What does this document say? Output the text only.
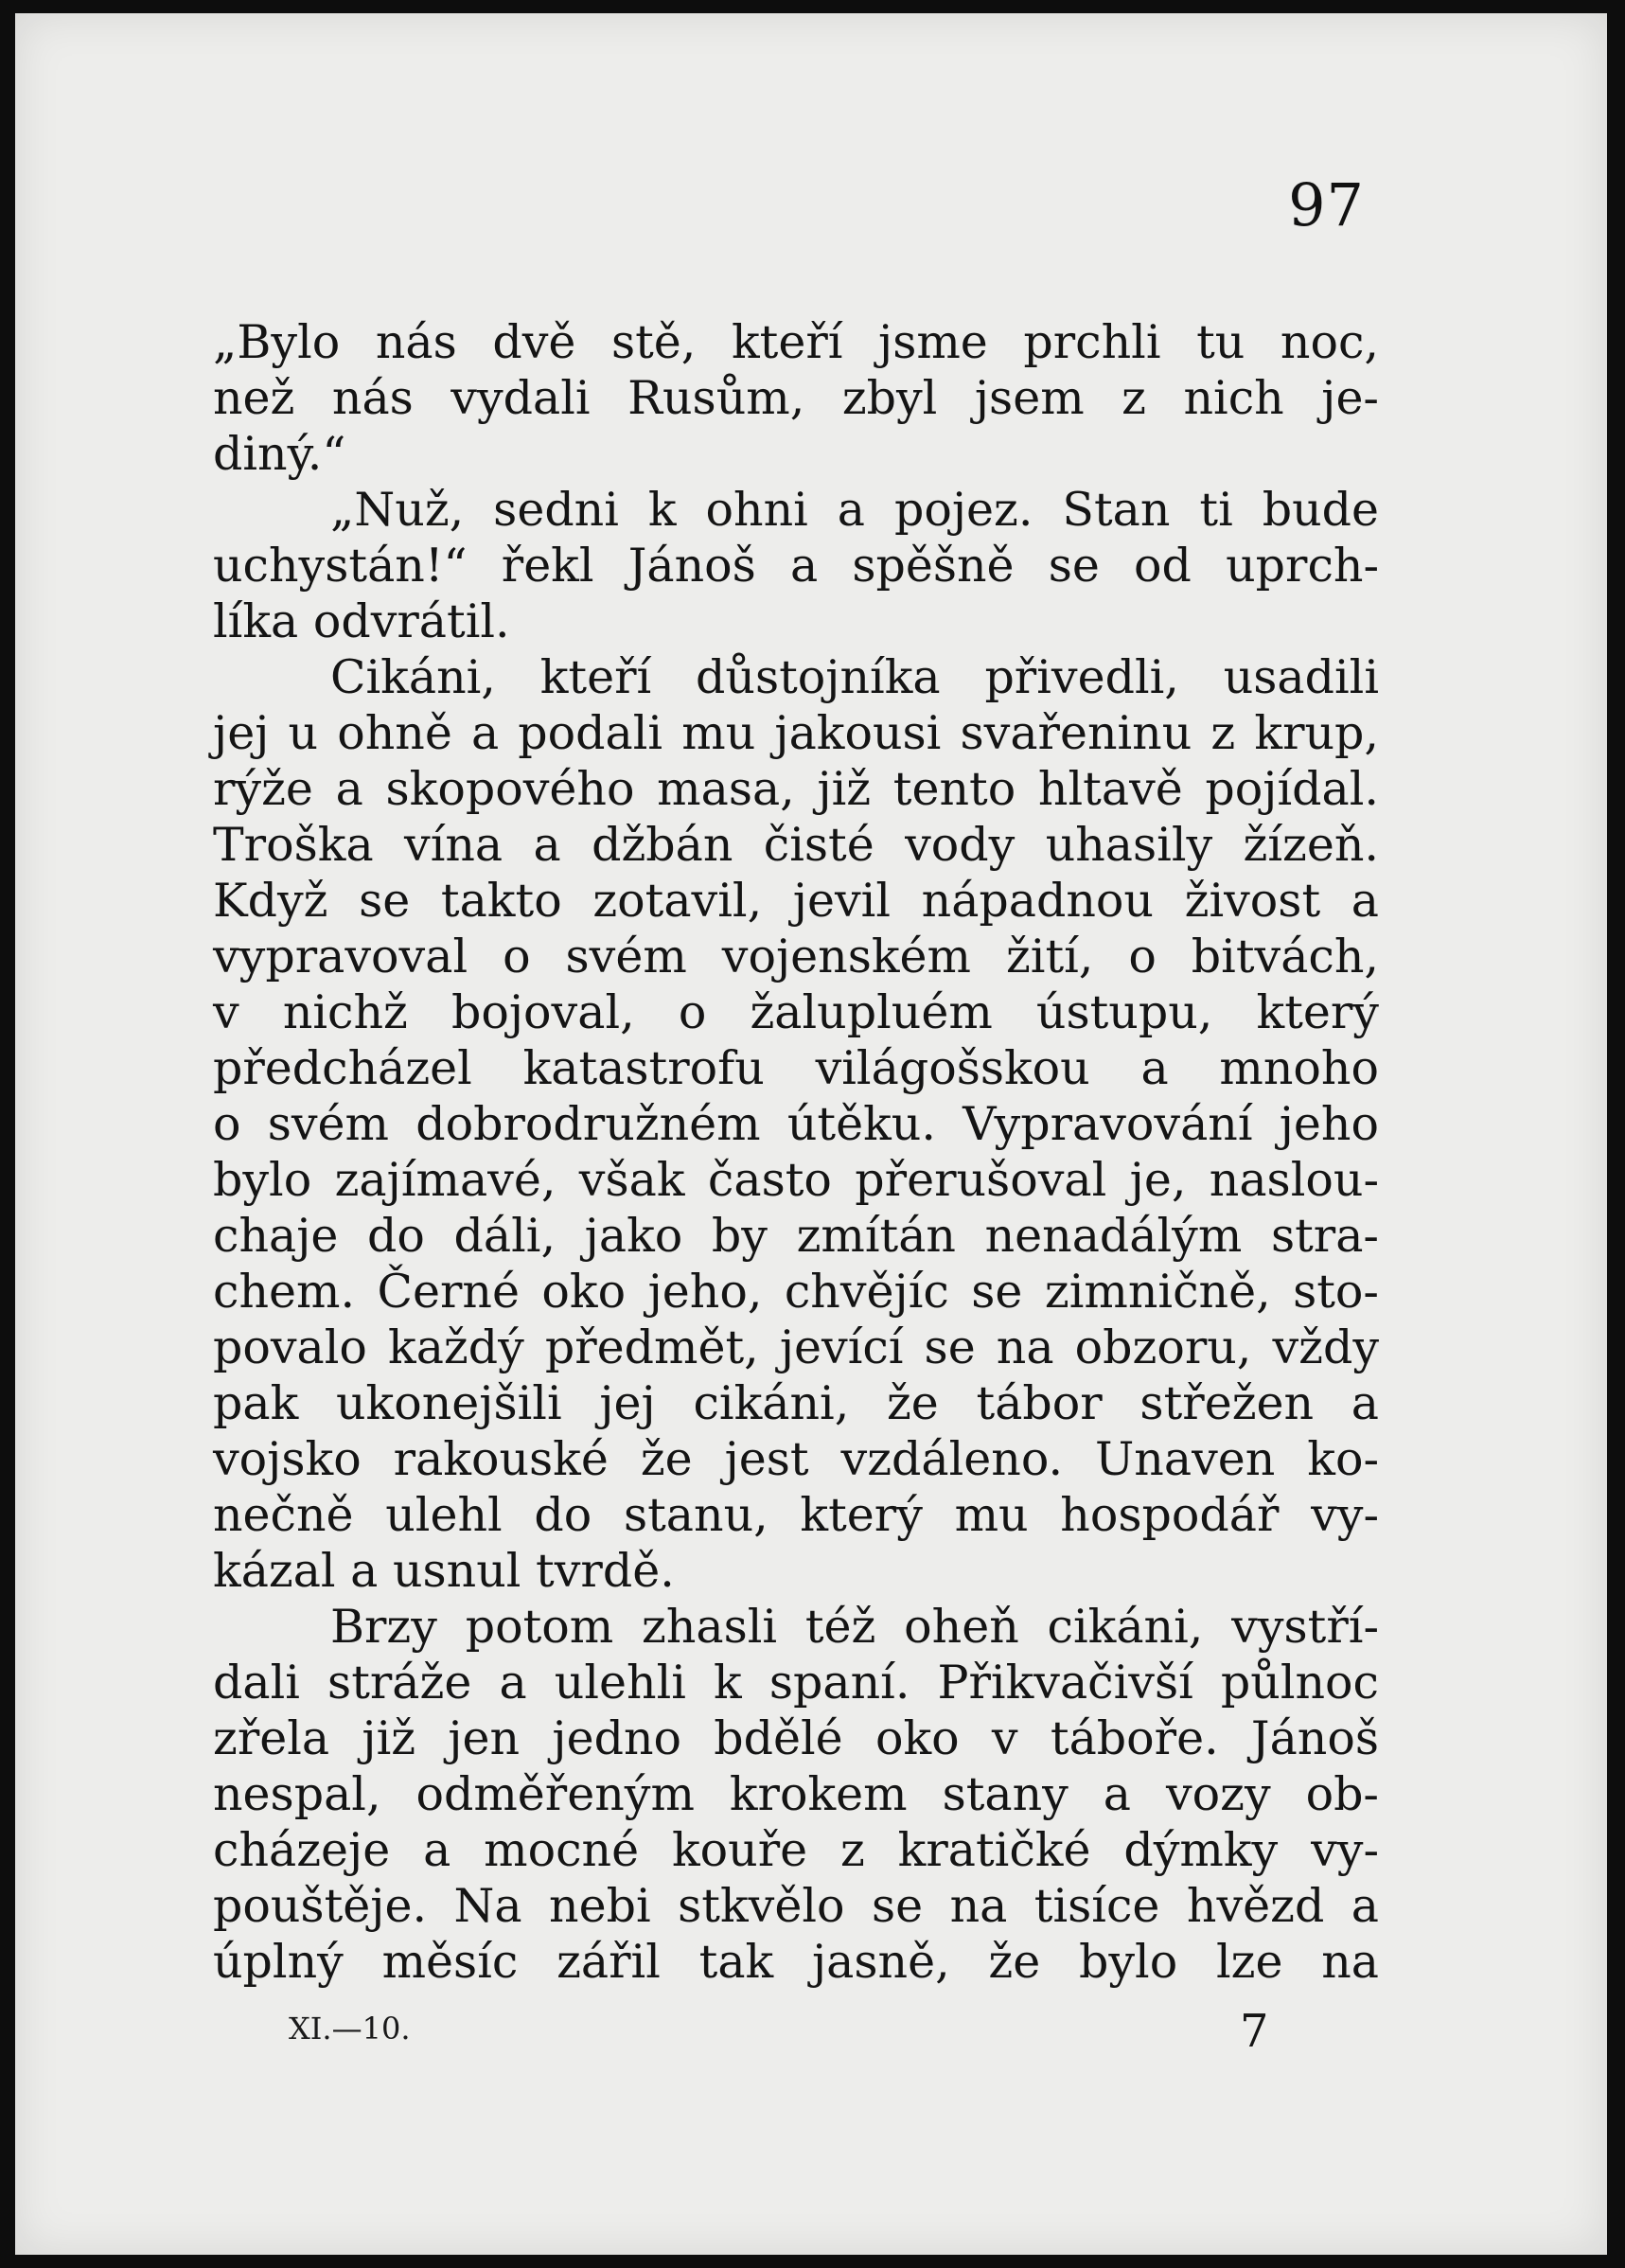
97
„Bylo nás dvě stě, kteří jsme prchli tu noc,
než nás vydali Rusům, zbyl jsem z nich je-
diný.“
„Nuž, sedni k ohni a pojez. Stan ti bude
uchystán!“ řekl Jánoš a spěšně se od uprch-
líka odvrátil.
Cikáni, kteří důstojníka přivedli, usadili
jej u ohně a podali mu jakousi svařeninu z krup,
rýže a skopového masa, již tento hltavě pojídal.
Troška vína a džbán čisté vody uhasily žízeň.
Když se takto zotavil, jevil nápadnou živost a
vypravoval o svém vojenském žití, o bitvách,
v nichž bojoval, o žalupluém ústupu, který
předcházel katastrofu világošskou a mnoho
o svém dobrodružném útěku. Vypravování jeho
bylo zajímavé, však často přerušoval je, naslou-
chaje do dáli, jako by zmítán nenadálým stra-
chem. Černé oko jeho, chvějíc se zimničně, sto-
povalo každý předmět, jevící se na obzoru, vždy
pak ukonejšili jej cikáni, že tábor střežen a
vojsko rakouské že jest vzdáleno. Unaven ko-
nečně ulehl do stanu, který mu hospodář vy-
kázal a usnul tvrdě.
Brzy potom zhasli též oheň cikáni, vystří-
dali stráže a ulehli k spaní. Přikvačivší půlnoc
zřela již jen jedno bdělé oko v táboře. Jánoš
nespal, odměřeným krokem stany a vozy ob-
cházeje a mocné kouře z kratičké dýmky vy-
pouštěje. Na nebi stkvělo se na tisíce hvězd a
úplný měsíc zářil tak jasně, že bylo lze na
XI.—10.	7
